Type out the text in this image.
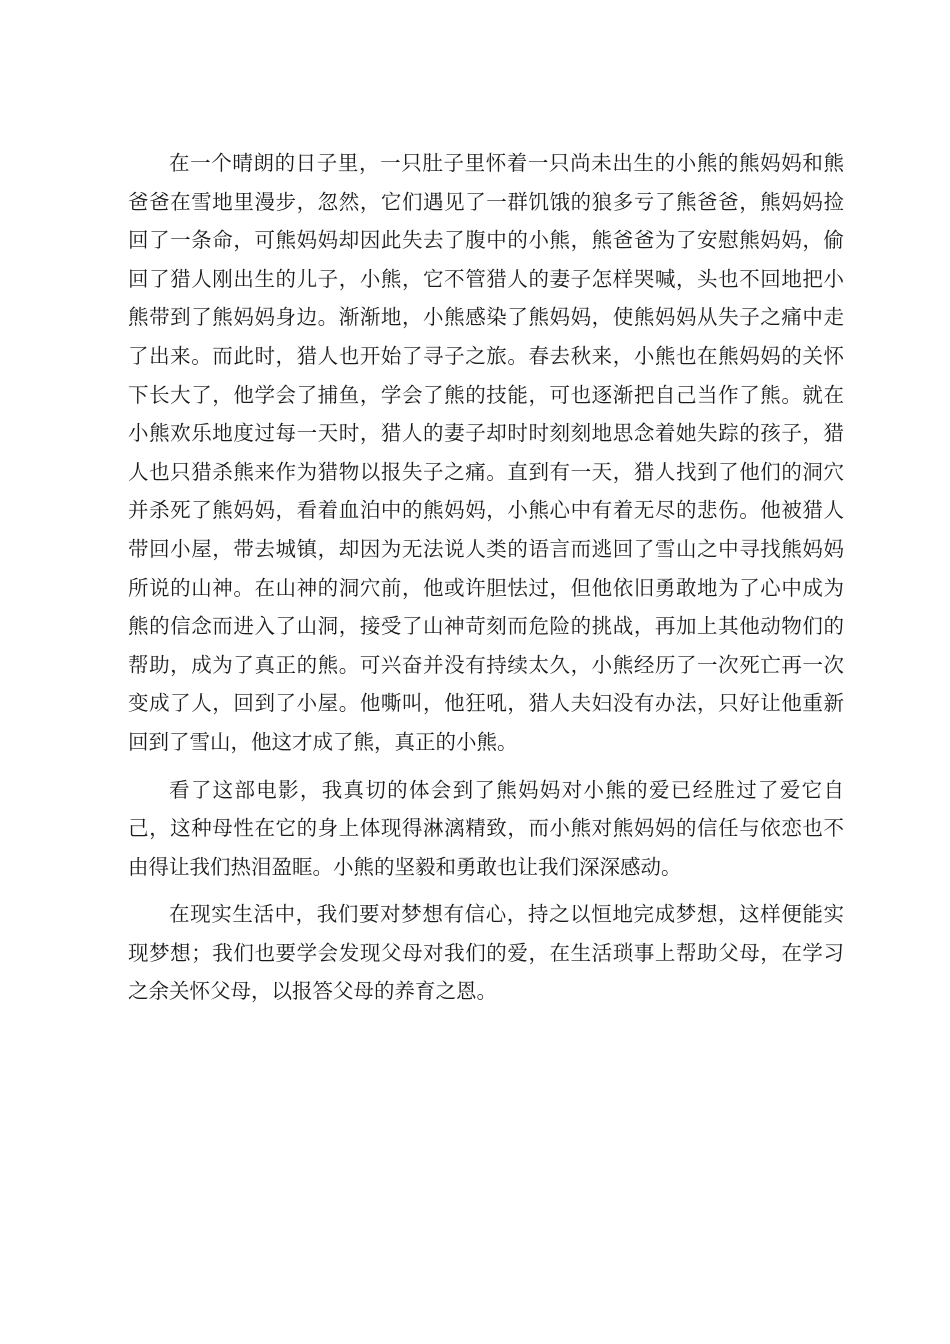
在一个晴朗的日子里，一只肚子里怀着一只尚未出生的小熊的熊妈妈和熊爸爸在雪地里漫步，忽然，它们遇见了一群饥饿的狼多亏了熊爸爸，熊妈妈捡回了一条命，可熊妈妈却因此失去了腹中的小熊，熊爸爸为了安慰熊妈妈，偷回了猎人刚出生的儿子，小熊，它不管猎人的妻子怎样哭喊，头也不回地把小熊带到了熊妈妈身边。渐渐地，小熊感染了熊妈妈，使熊妈妈从失子之痛中走了出来。而此时，猎人也开始了寻子之旅。春去秋来，小熊也在熊妈妈的关怀下长大了，他学会了捕鱼，学会了熊的技能，可也逐渐把自己当作了熊。就在小熊欢乐地度过每一天时，猎人的妻子却时时刻刻地思念着她失踪的孩子，猎人也只猎杀熊来作为猎物以报失子之痛。直到有一天，猎人找到了他们的洞穴并杀死了熊妈妈，看着血泊中的熊妈妈，小熊心中有着无尽的悲伤。他被猎人带回小屋，带去城镇，却因为无法说人类的语言而逃回了雪山之中寻找熊妈妈所说的山神。在山神的洞穴前，他或许胆怯过，但他依旧勇敢地为了心中成为熊的信念而进入了山洞，接受了山神苛刻而危险的挑战，再加上其他动物们的帮助，成为了真正的熊。可兴奋并没有持续太久，小熊经历了一次死亡再一次变成了人，回到了小屋。他嘶叫，他狂吼，猎人夫妇没有办法，只好让他重新回到了雪山，他这才成了熊，真正的小熊。

看了这部电影，我真切的体会到了熊妈妈对小熊的爱已经胜过了爱它自己，这种母性在它的身上体现得淋漓精致，而小熊对熊妈妈的信任与依恋也不由得让我们热泪盈眶。小熊的坚毅和勇敢也让我们深深感动。

在现实生活中，我们要对梦想有信心，持之以恒地完成梦想，这样便能实现梦想；我们也要学会发现父母对我们的爱，在生活琐事上帮助父母，在学习之余关怀父母，以报答父母的养育之恩。
